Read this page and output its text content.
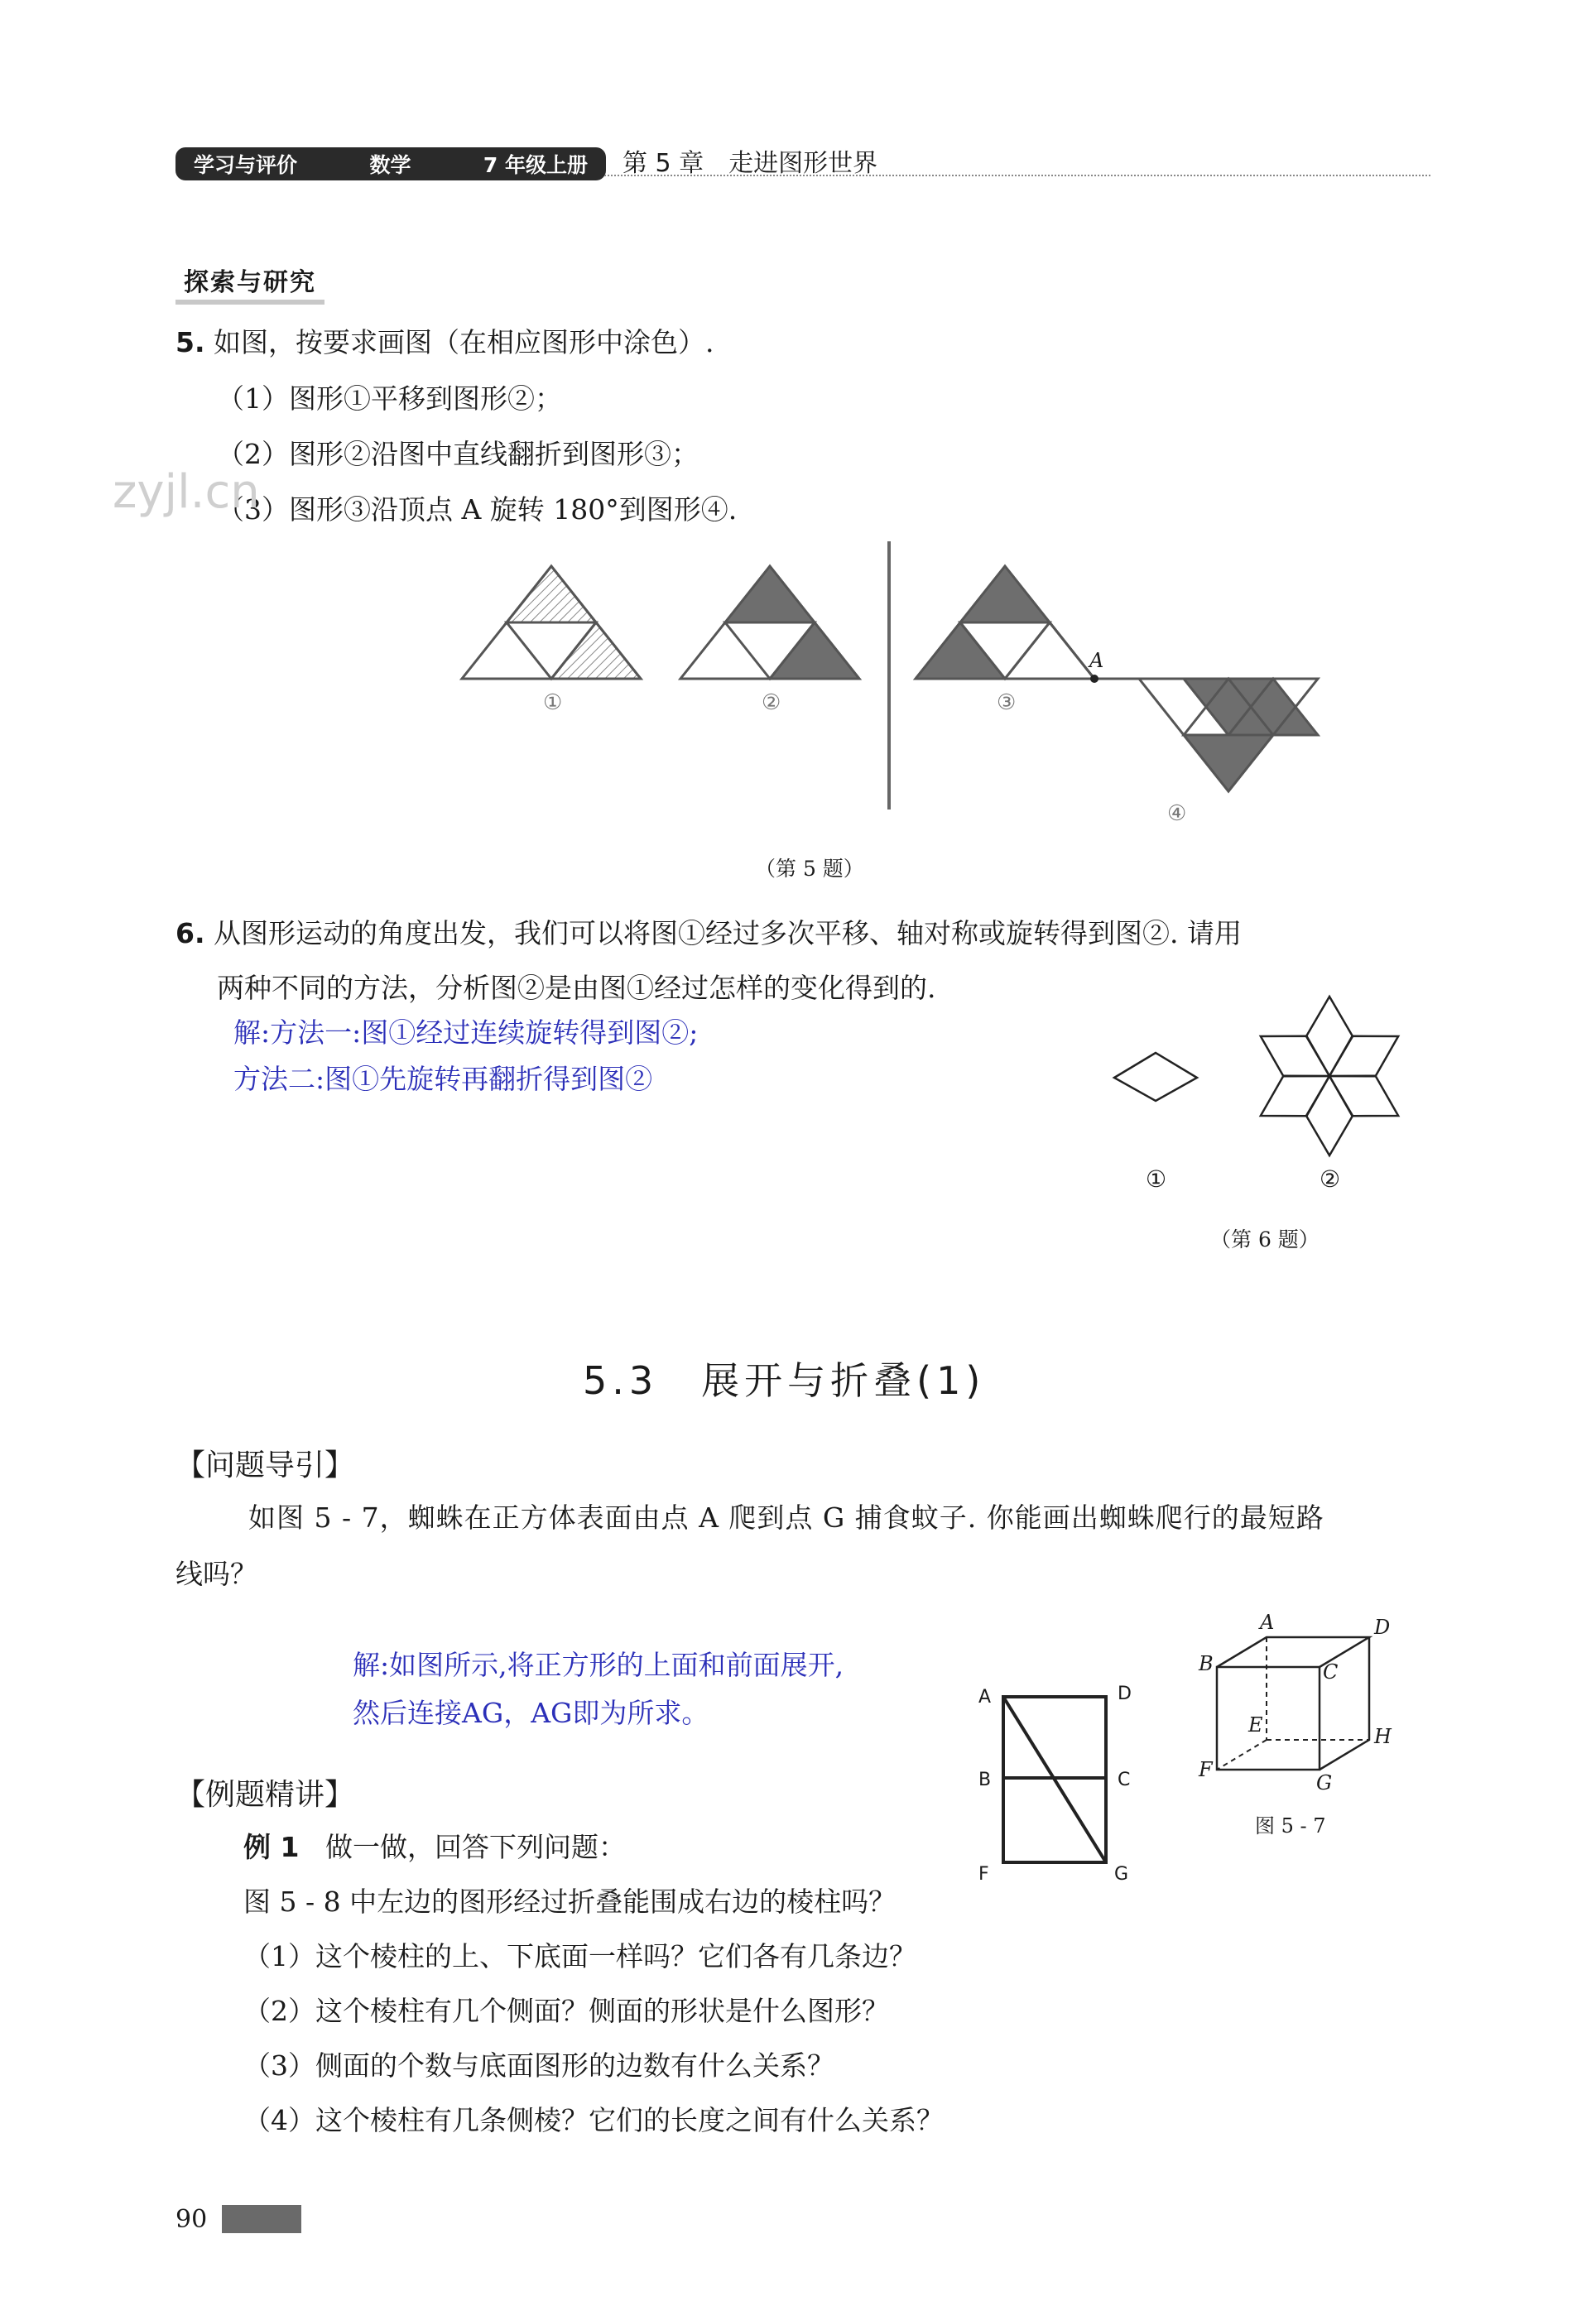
学习与评价	数学	7 年级上册 第 5 章　走进图形世界
探索与研究
5. 如图，按要求画图（在相应图形中涂色）.
（1）图形①平移到图形②；
（2）图形②沿图中直线翻折到图形③；
（3）图形③沿顶点 A 旋转 180°到图形④.
zyjl.cn
①	②	③
④
A
（第 5 题）
6. 从图形运动的角度出发，我们可以将图①经过多次平移、轴对称或旋转得到图②. 请用
两种不同的方法，分析图②是由图①经过怎样的变化得到的.
解:方法一:图①经过连续旋转得到图②;
方法二:图①先旋转再翻折得到图②
①	②
（第 6 题）
5.3　展开与折叠(1)
【问题导引】
如图 5 - 7，蜘蛛在正方体表面由点 A 爬到点 G 捕食蚊子. 你能画出蜘蛛爬行的最短路
线吗？
解:如图所示,将正方形的上面和前面展开,
然后连接AG，AG即为所求。	A	D
B	C
F	G
A	D
B	C
E	H
F
G
图 5 - 7
【例题精讲】
例 1 做一做，回答下列问题：
图 5 - 8 中左边的图形经过折叠能围成右边的棱柱吗？
（1）这个棱柱的上、下底面一样吗？它们各有几条边？
（2）这个棱柱有几个侧面？侧面的形状是什么图形？
（3）侧面的个数与底面图形的边数有什么关系？
（4）这个棱柱有几条侧棱？它们的长度之间有什么关系？
90
